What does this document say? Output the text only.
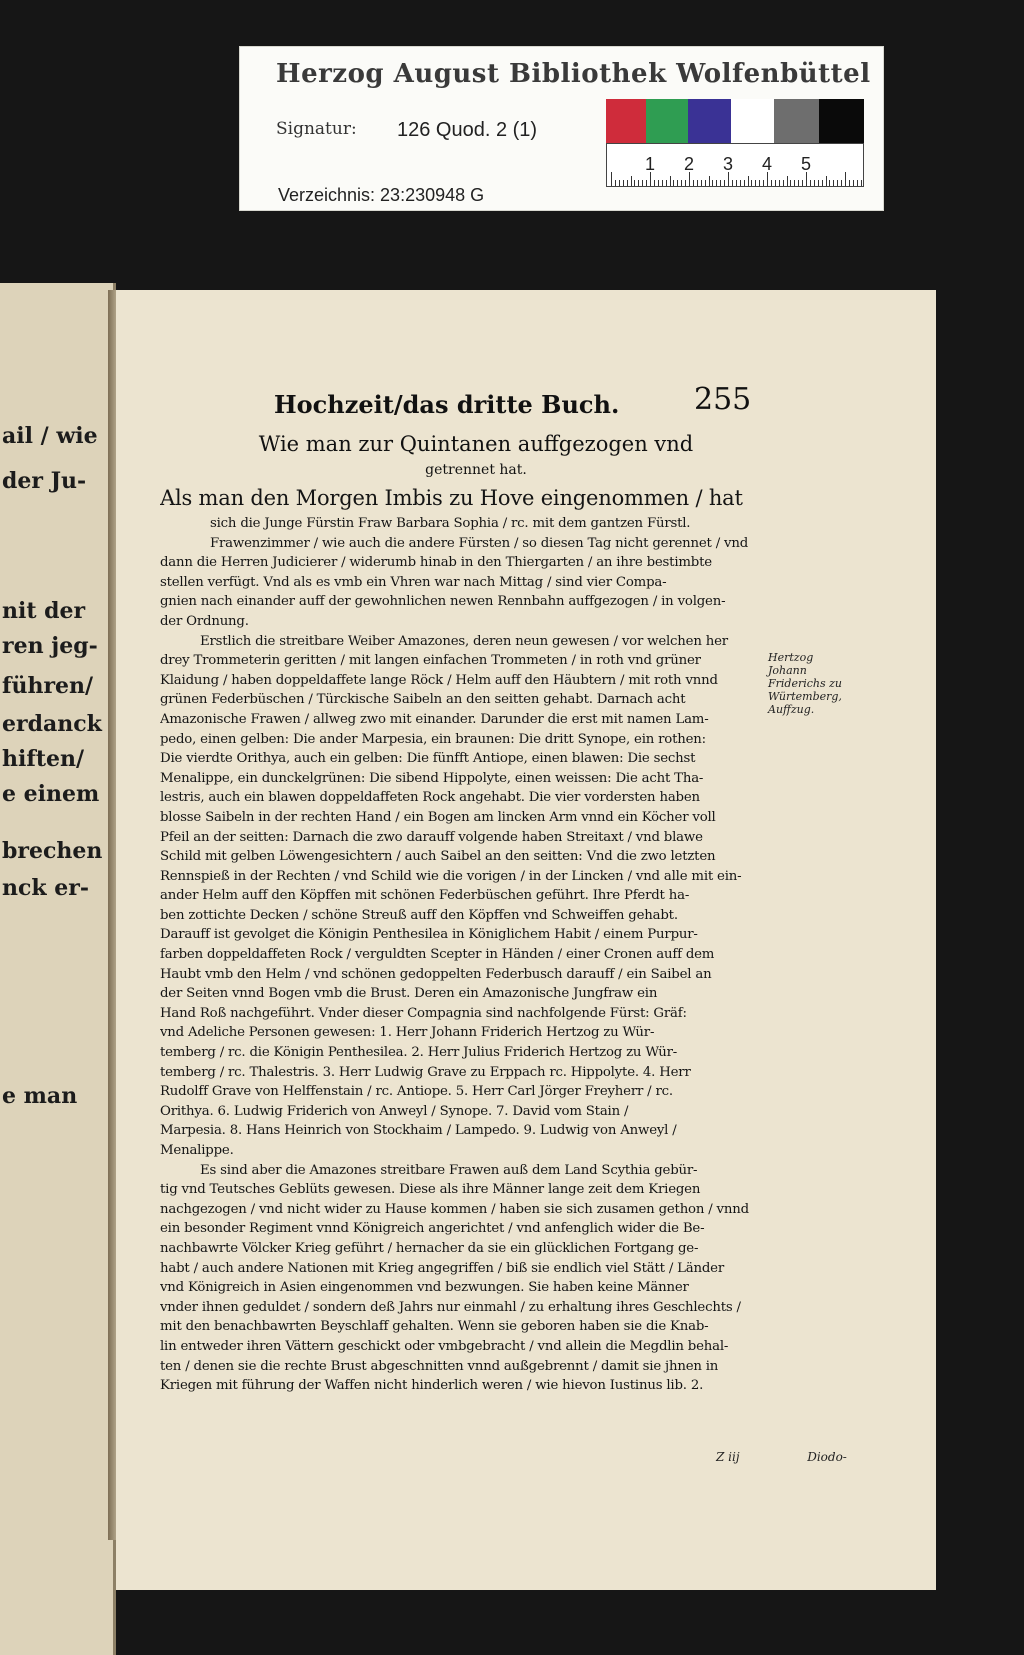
Herzog August Bibliothek Wolfenbüttel
Signatur: 126 Quod. 2 (1)
Verzeichnis: 23:230948 G
1 2 3 4 5
ail / wie
der Ju-
nit der
ren jeg-
führen/
erdanck
hiften/
e einem
brechen
nck er-
e man
Hochzeit/das dritte Buch. 255
Wie man zur Quintanen auffgezogen vnd
getrennet hat.
Als man den Morgen Imbis zu Hove eingenommen / hat
sich die Junge Fürstin Fraw Barbara Sophia / rc. mit dem gantzen Fürstl.
Frawenzimmer / wie auch die andere Fürsten / so diesen Tag nicht gerennet / vnd
dann die Herren Judicierer / widerumb hinab in den Thiergarten / an ihre bestimbte
stellen verfügt. Vnd als es vmb ein Vhren war nach Mittag / sind vier Compa-
gnien nach einander auff der gewohnlichen newen Rennbahn auffgezogen / in volgen-
der Ordnung.
Erstlich die streitbare Weiber Amazones, deren neun gewesen / vor welchen her
drey Trommeterin geritten / mit langen einfachen Trommeten / in roth vnd grüner
Klaidung / haben doppeldaffete lange Röck / Helm auff den Häubtern / mit roth vnnd
grünen Federbüschen / Türckische Saibeln an den seitten gehabt. Darnach acht
Amazonische Frawen / allweg zwo mit einander. Darunder die erst mit namen Lam-
pedo, einen gelben: Die ander Marpesia, ein braunen: Die dritt Synope, ein rothen:
Die vierdte Orithya, auch ein gelben: Die fünfft Antiope, einen blawen: Die sechst
Menalippe, ein dunckelgrünen: Die sibend Hippolyte, einen weissen: Die acht Tha-
lestris, auch ein blawen doppeldaffeten Rock angehabt. Die vier vordersten haben
blosse Saibeln in der rechten Hand / ein Bogen am lincken Arm vnnd ein Köcher voll
Pfeil an der seitten: Darnach die zwo darauff volgende haben Streitaxt / vnd blawe
Schild mit gelben Löwengesichtern / auch Saibel an den seitten: Vnd die zwo letzten
Rennspieß in der Rechten / vnd Schild wie die vorigen / in der Lincken / vnd alle mit ein-
ander Helm auff den Köpffen mit schönen Federbüschen geführt. Ihre Pferdt ha-
ben zottichte Decken / schöne Streuß auff den Köpffen vnd Schweiffen gehabt.
Darauff ist gevolget die Königin Penthesilea in Königlichem Habit / einem Purpur-
farben doppeldaffeten Rock / verguldten Scepter in Händen / einer Cronen auff dem
Haubt vmb den Helm / vnd schönen gedoppelten Federbusch darauff / ein Saibel an
der Seiten vnnd Bogen vmb die Brust. Deren ein Amazonische Jungfraw ein
Hand Roß nachgeführt. Vnder dieser Compagnia sind nachfolgende Fürst: Gräf:
vnd Adeliche Personen gewesen: 1. Herr Johann Friderich Hertzog zu Wür-
temberg / rc. die Königin Penthesilea. 2. Herr Julius Friderich Hertzog zu Wür-
temberg / rc. Thalestris. 3. Herr Ludwig Grave zu Erppach rc. Hippolyte. 4. Herr
Rudolff Grave von Helffenstain / rc. Antiope. 5. Herr Carl Jörger Freyherr / rc.
Orithya. 6. Ludwig Friderich von Anweyl / Synope. 7. David vom Stain /
Marpesia. 8. Hans Heinrich von Stockhaim / Lampedo. 9. Ludwig von Anweyl /
Menalippe.
Es sind aber die Amazones streitbare Frawen auß dem Land Scythia gebür-
tig vnd Teutsches Geblüts gewesen. Diese als ihre Männer lange zeit dem Kriegen
nachgezogen / vnd nicht wider zu Hause kommen / haben sie sich zusamen gethon / vnnd
ein besonder Regiment vnnd Königreich angerichtet / vnd anfenglich wider die Be-
nachbawrte Völcker Krieg geführt / hernacher da sie ein glücklichen Fortgang ge-
habt / auch andere Nationen mit Krieg angegriffen / biß sie endlich viel Stätt / Länder
vnd Königreich in Asien eingenommen vnd bezwungen. Sie haben keine Männer
vnder ihnen geduldet / sondern deß Jahrs nur einmahl / zu erhaltung ihres Geschlechts /
mit den benachbawrten Beyschlaff gehalten. Wenn sie geboren haben sie die Knab-
lin entweder ihren Vättern geschickt oder vmbgebracht / vnd allein die Megdlin behal-
ten / denen sie die rechte Brust abgeschnitten vnnd außgebrennt / damit sie jhnen in
Kriegen mit führung der Waffen nicht hinderlich weren / wie hievon Iustinus lib. 2.
Hertzog Johann Friderichs zu Würtemberg, Auffzug.
Z iij	Diodo-
